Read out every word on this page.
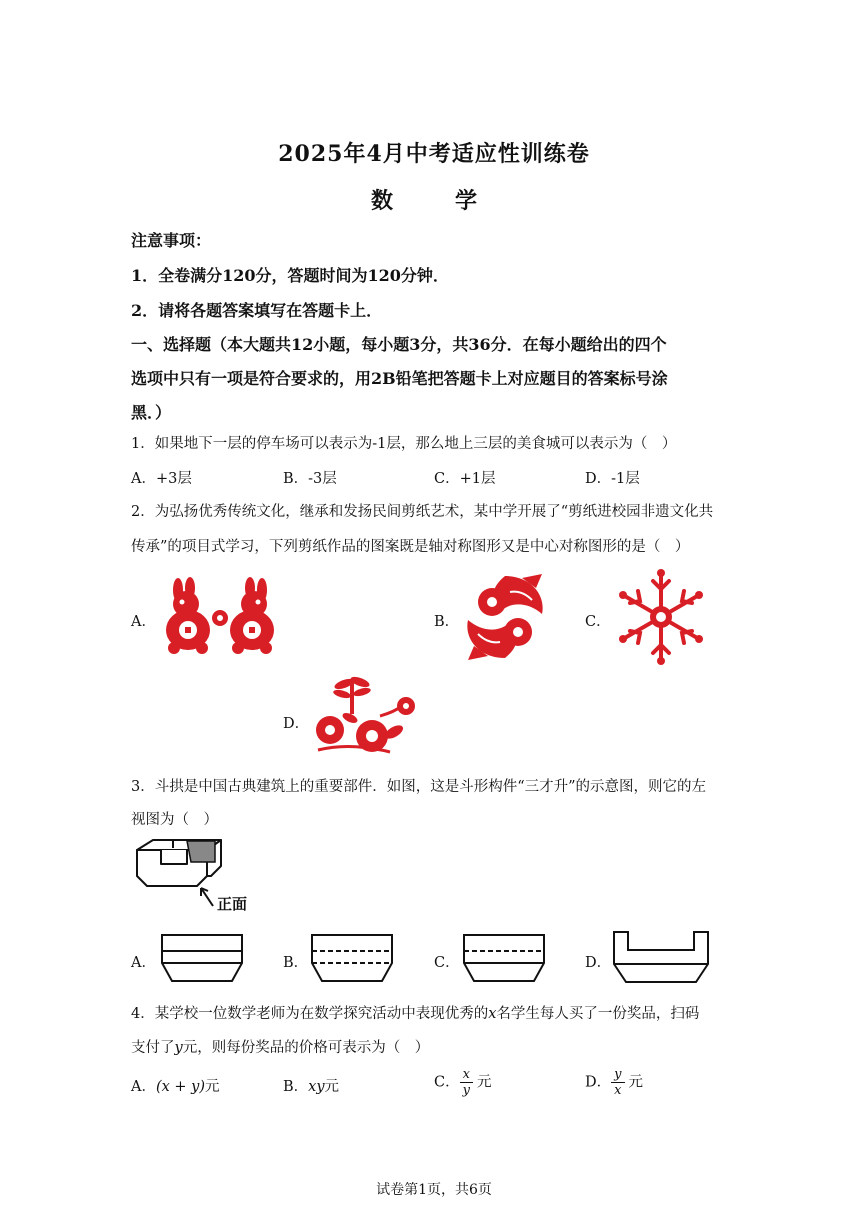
2025年4月中考适应性训练卷
数　学
注意事项：
1．全卷满分120分，答题时间为120分钟．
2．请将各题答案填写在答题卡上．
一、选择题（本大题共12小题，每小题3分，共36分．在每小题给出的四个
选项中只有一项是符合要求的，用2B铅笔把答题卡上对应题目的答案标号涂
黑．）
1．如果地下一层的停车场可以表示为-1层，那么地上三层的美食城可以表示为（　）
A．+3层	B．-3层	C．+1层	D．-1层
2．为弘扬优秀传统文化，继承和发扬民间剪纸艺术，某中学开展了“剪纸进校园非遗文化共
传承”的项目式学习，下列剪纸作品的图案既是轴对称图形又是中心对称图形的是（　）
A．	B．	C．
D．
3．斗拱是中国古典建筑上的重要部件．如图，这是斗形构件“三才升”的示意图，则它的左
视图为（　）
正面
A．	B．	C．	D．
4．某学校一位数学老师为在数学探究活动中表现优秀的x名学生每人买了一份奖品，扫码
支付了y元，则每份奖品的价格可表示为（　）
A．(x + y)元	B．xy元	C． $\frac{x}{y}$ 元	D． $\frac{y}{x}$ 元
试卷第1页，共6页
